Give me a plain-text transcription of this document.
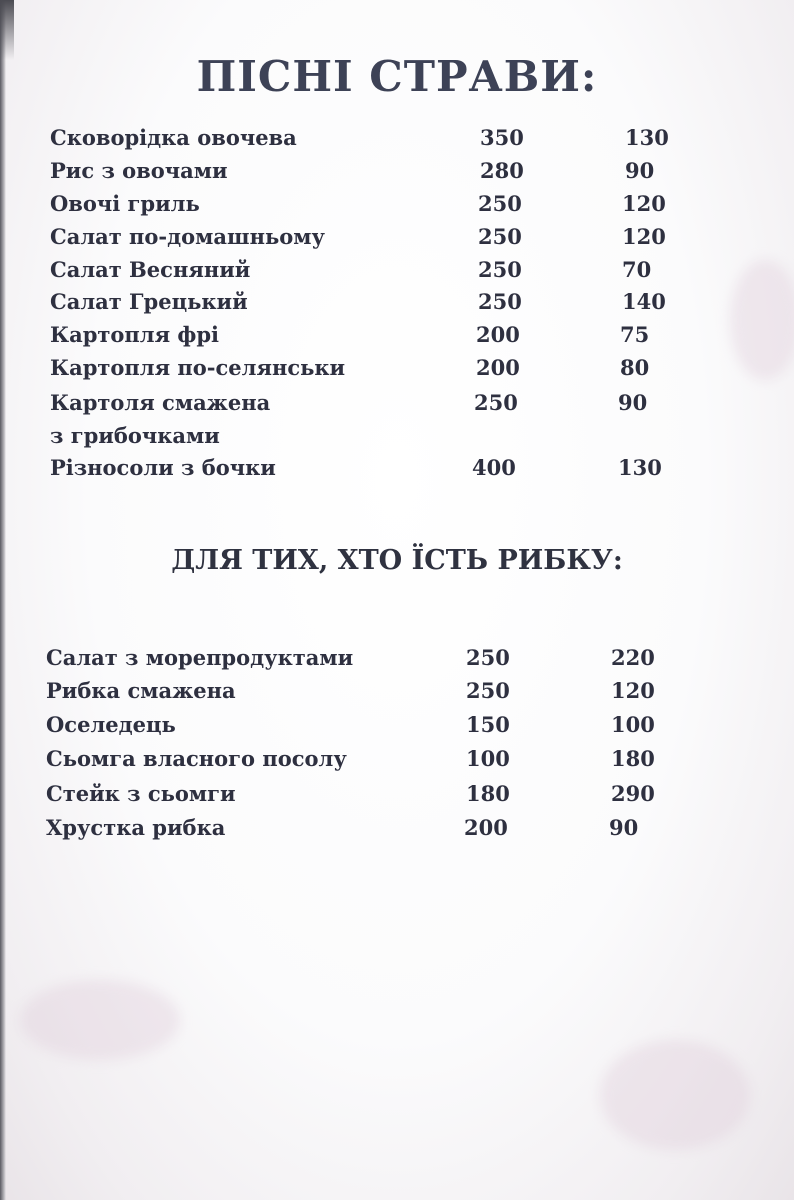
ПІСНІ СТРАВИ:
Сковорідка овочева	350	130
Рис з овочами	280	90
Овочі гриль	250	120
Салат по-домашньому	250	120
Салат Весняний	250	70
Салат Грецький	250	140
Картопля фрі	200	75
Картопля по-селянськи	200	80
Картоля смажена	250	90
з грибочками
Різносоли з бочки	400	130
ДЛЯ ТИХ, ХТО ЇСТЬ РИБКУ:
Салат з морепродуктами	250	220
Рибка смажена	250	120
Оселедець	150	100
Сьомга власного посолу	100	180
Стейк з сьомги	180	290
Хрустка рибка	200	90
